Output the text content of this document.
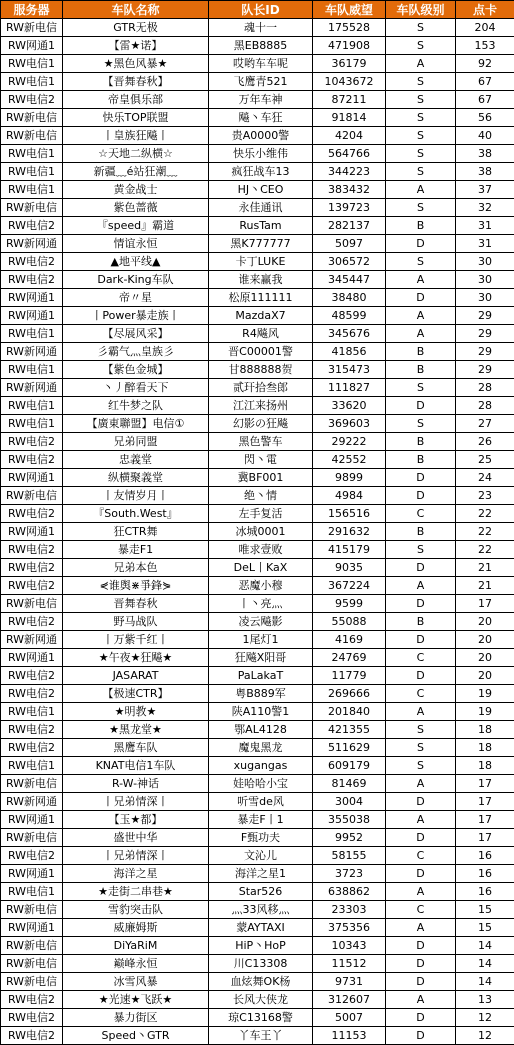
服务器	车队名称	队长ID	车队威望	车队级别	点卡
RW新电信	GTR无极	魂十一	175528	S	204
RW网通1	【雷★诺】	黑EB8885	471908	S	153
RW电信1	★黑色风暴★	哎哟车车呢	36179	A	92
RW电信1	【晋舞春秋】	飞鹰青521	1043672	S	67
RW电信2	帝皇俱乐部	万年车神	87211	S	67
RW新电信	快乐TOP联盟	飚丶车狂	91814	S	56
RW新电信	丨皇族狂飚丨	贵A0000警	4204	S	40
RW电信1	☆天地二纵横☆	快乐小维伟	564766	S	38
RW电信1	新疆﹏é站狂潮﹏	疯狂战车13	344223	S	38
RW电信1	黄金战士	HJ丶CEO	383432	A	37
RW新电信	紫色蔷薇	永佳通讯	139723	S	32
RW电信2	『speed』霸道	RusTam	282137	B	31
RW新网通	情谊永恒	黑K777777	5097	D	31
RW电信2	▲地平线▲	卡丁LUKE	306572	S	30
RW电信2	Dark-King车队	谁来赢我	345447	A	30
RW网通1	帝〃星	松原111111	38480	D	30
RW网通1	丨Power暴走族丨	MazdaX7	48599	A	29
RW电信1	【尽展风采】	R4飚风	345676	A	29
RW新网通	彡霸气灬皇族彡	晋C00001警	41856	B	29
RW电信1	【紫色金城】	甘888888贺	315473	B	29
RW新网通	丶丿醉看天下	贰玕拾叁郎	111827	S	28
RW电信1	红牛梦之队	江江来扬州	33620	D	28
RW电信1	【廣東聯盟】电信①	幻影の狂飚	369603	S	27
RW电信2	兄弟同盟	黑色警车	29222	B	26
RW电信2	忠義堂	閃丶電	42552	B	25
RW网通1	纵横聚義堂	冀BF001	9899	D	24
RW新电信	丨友情岁月丨	绝丶情	4984	D	23
RW电信2	『South.West』	左手复活	156516	C	22
RW网通1	狂CTR舞	冰城0001	291632	B	22
RW电信2	暴走F1	唯求壹败	415179	S	22
RW电信2	兄弟本色	DeL丨KaX	9035	D	21
RW电信2	⋞谁舆⋇爭鋒⋟	恶魔小穆	367224	A	21
RW新电信	晋舞春秋	丨丶亮灬	9599	D	17
RW电信2	野马战队	凌云飚影	55088	B	20
RW新网通	丨万紫千红丨	1尾灯1	4169	D	20
RW网通1	★午夜★狂飚★	狂飚X阳哥	24769	C	20
RW电信2	JASARAT	PaLakaT	11779	D	20
RW电信2	【极速CTR】	粤B889军	269666	C	19
RW电信1	★明教★	陕A110警1	201840	A	19
RW电信2	★黑龙堂★	鄂AL4128	421355	S	18
RW电信2	黑鹰车队	魔鬼黑龙	511629	S	18
RW电信1	KNAT电信1车队	xugangas	609179	S	18
RW新电信	R-W-神话	娃哈哈小宝	81469	A	17
RW新网通	丨兄弟情深丨	听雪de风	3004	D	17
RW网通1	【玉★都】	暴走F丨1	355038	A	17
RW新电信	盛世中华	F甄功夫	9952	D	17
RW电信2	丨兄弟情深丨	文沁儿	58155	C	16
RW网通1	海洋之星	海洋之星1	3723	D	16
RW电信1	★走街二串巷★	Star526	638862	A	16
RW新电信	雪豹突击队	灬33风移灬	23303	C	15
RW网通1	威廉姆斯	蒙AYTAXI	375356	A	15
RW新电信	DiYaRiM	HiP丶HoP	10343	D	14
RW新电信	巅峰永恒	川C13308	11512	D	14
RW新电信	冰雪风暴	血炫舞OK杨	9731	D	14
RW电信2	★光速★飞跃★	长风大侠龙	312607	A	13
RW电信2	暴力街区	琼C13168警	5007	D	12
RW电信2	Speed丶GTR	丫车王丫	11153	D	12
